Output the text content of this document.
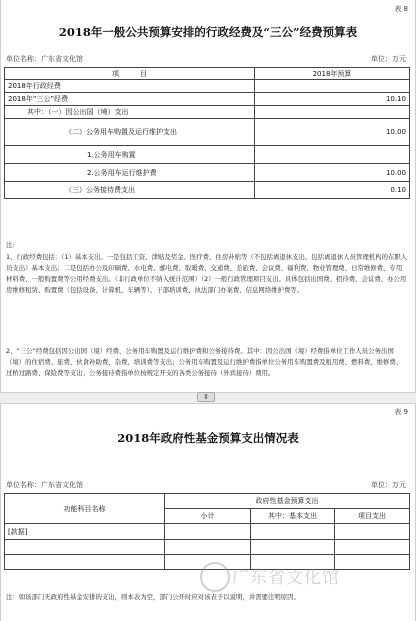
表 8
2018年一般公共预算安排的行政经费及“三公”经费预算表
单位名称：广东省文化馆	单位：万元
项　　　目	2018年预算
2018年行政经费	
2018年“三公”经费	10.10
其中：（一）因公出国（境）支出	
（二）公务用车购置及运行维护支出	10.00
1.公务用车购置	
2.公务用车运行维护费	10.00
（三）公务接待费支出	0.10
注:
1、行政经费包括：（1）基本支出。一是包括工资、津贴及奖金、医疗费、住房补贴等（不包括离退休支出、包括离退休人员管理机构的在职人员支出）基本支出；二是包括办公及印刷费、水电费、邮电费、取暖费、交通费、差旅费、会议费、福利费、物业管理费、日常维修费、专用材料费、一般购置费等公用经费支出。（非行政单位不纳入统计范围）（2）一般行政管理项目支出。具体包括出国费、招待费、会议费、办公用房维修租赁、购置费（包括设备、计算机、车辆等）、干部培训费、执法部门办案费、信息网络维护费等。
2、“三公”经费包括因公出国（境）经费、公务用车购置及运行维护费和公务接待费。其中：因公出国（境）经费指单位工作人员公务出国（境）的住宿费、旅费、伙食补助费、杂费、培训费等支出；公务用车购置及运行维护费指单位公务用车购置费及租用费、燃料费、维修费、过桥过路费、保险费等支出；公务接待费指单位按规定开支的各类公务接待（外宾接待）费用。
⇕
表 9
2018年政府性基金预算支出情况表
单位名称：广东省文化馆	单位：万元
功能科目名称	政府性基金预算支出		
	小计	其中：基本支出	项目支出
[款据]			

注：如该部门无政府性基金安排的支出，则本表为空，部门公开时应对该表予以说明，并需要注明原因。
广东省文化馆
